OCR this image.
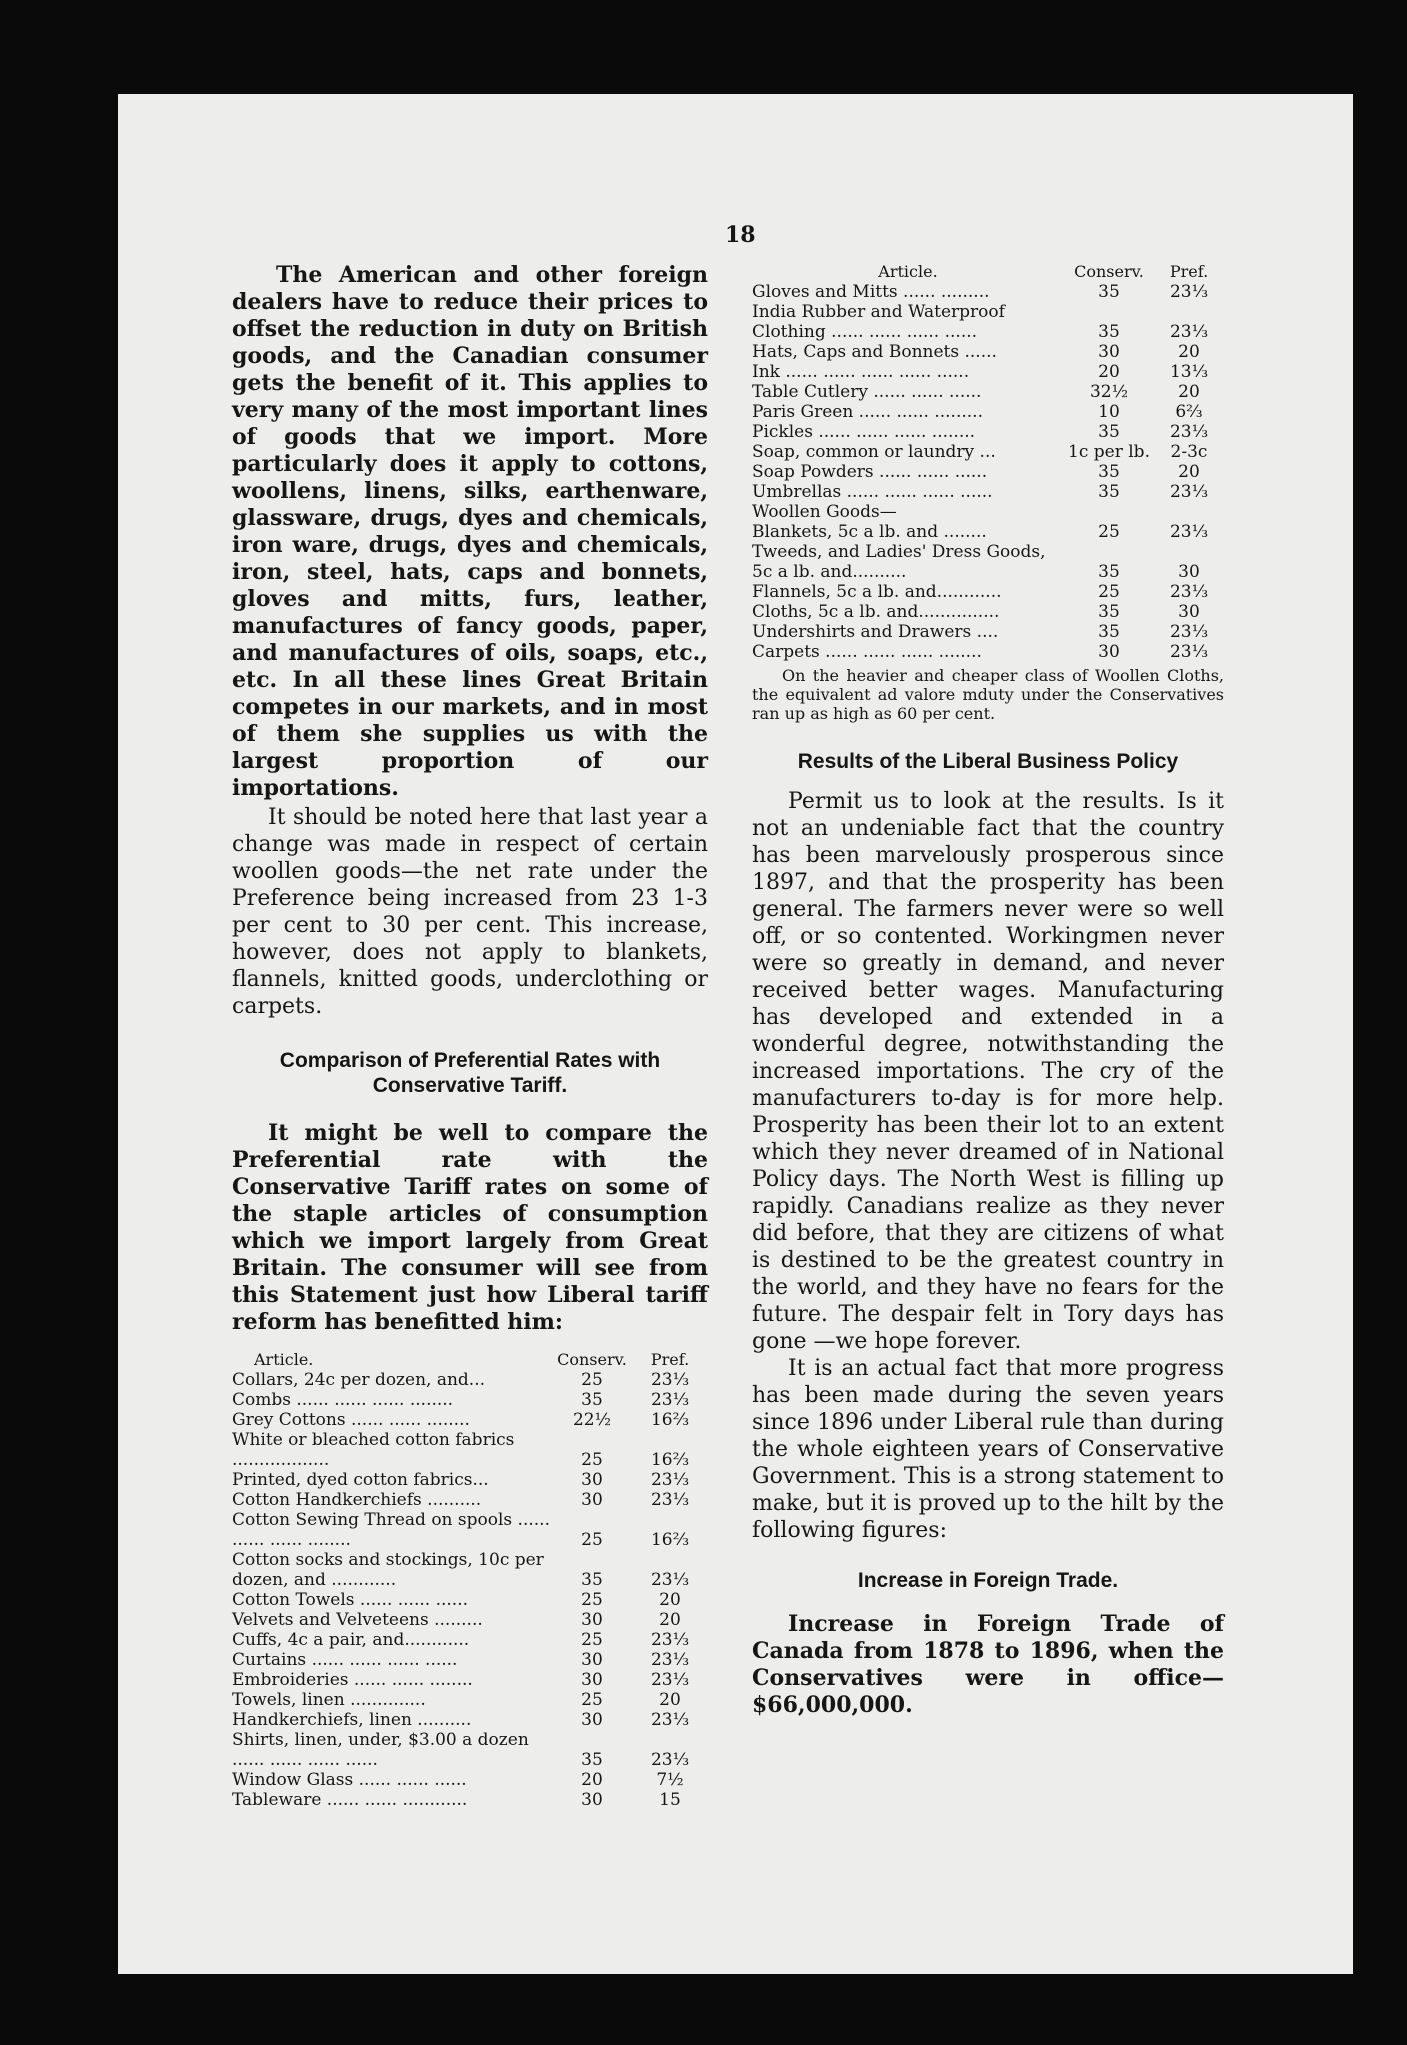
18

The American and other foreign dealers have to reduce their prices to offset the reduction in duty on British goods, and the Canadian consumer gets the benefit of it. This applies to very many of the most important lines of goods that we import. More particularly does it apply to cottons, woollens, linens, silks, earthenware, glassware, drugs, dyes and chemicals, iron ware, drugs, dyes and chemicals, iron, steel, hats, caps and bonnets, gloves and mitts, furs, leather, manufactures of fancy goods, paper, and manufactures of oils, soaps, etc., etc. In all these lines Great Britain competes in our markets, and in most of them she supplies us with the largest proportion of our importations.

It should be noted here that last year a change was made in respect of certain woollen goods—the net rate under the Preference being increased from 23 1-3 per cent to 30 per cent. This increase, however, does not apply to blankets, flannels, knitted goods, underclothing or carpets.

Comparison of Preferential Rates with Conservative Tariff.

It might be well to compare the Preferential rate with the Conservative Tariff rates on some of the staple articles of consumption which we import largely from Great Britain. The consumer will see from this Statement just how Liberal tariff reform has benefitted him:

Article.	Conserv.	Pref.
Collars, 24c per dozen, and...	25	23⅓
Combs ...... ...... ...... ........	35	23⅓
Grey Cottons ...... ...... ........	22½	16⅔
White or bleached cotton fabrics ..................	25	16⅔
Printed, dyed cotton fabrics...	30	23⅓
Cotton Handkerchiefs ..........	30	23⅓
Cotton Sewing Thread on spools ...... ...... ...... ........	25	16⅔
Cotton socks and stockings, 10c per dozen, and ............	35	23⅓
Cotton Towels ...... ...... ......	25	20
Velvets and Velveteens .........	30	20
Cuffs, 4c a pair, and............	25	23⅓
Curtains ...... ...... ...... ......	30	23⅓
Embroideries ...... ...... ........	30	23⅓
Towels, linen ..............	25	20
Handkerchiefs, linen ..........	30	23⅓
Shirts, linen, under, $3.00 a dozen ...... ...... ...... ......	35	23⅓
Window Glass ...... ...... ......	20	7½
Tableware ...... ...... ............	30	15
Article.	Conserv.	Pref.
Gloves and Mitts ...... .........	35	23⅓
India Rubber and Waterproof Clothing ...... ...... ...... ......	35	23⅓
Hats, Caps and Bonnets ......	30	20
Ink ...... ...... ...... ...... ......	20	13⅓
Table Cutlery ...... ...... ......	32½	20
Paris Green ...... ...... .........	10	6⅔
Pickles ...... ...... ...... ........	35	23⅓
Soap, common or laundry ...	1c per lb.	2-3c
Soap Powders ...... ...... ......	35	20
Umbrellas ...... ...... ...... ......	35	23⅓
Woollen Goods—		
Blankets, 5c a lb. and ........	25	23⅓
Tweeds, and Ladies' Dress Goods, 5c a lb. and..........	35	30
Flannels, 5c a lb. and............	25	23⅓
Cloths, 5c a lb. and...............	35	30
Undershirts and Drawers ....	35	23⅓
Carpets ...... ...... ...... ........	30	23⅓

On the heavier and cheaper class of Woollen Cloths, the equivalent ad valore mduty under the Conservatives ran up as high as 60 per cent.

Results of the Liberal Business Policy

Permit us to look at the results. Is it not an undeniable fact that the country has been marvelously prosperous since 1897, and that the prosperity has been general. The farmers never were so well off, or so contented. Workingmen never were so greatly in demand, and never received better wages. Manufacturing has developed and extended in a wonderful degree, notwithstanding the increased importations. The cry of the manufacturers to-day is for more help. Prosperity has been their lot to an extent which they never dreamed of in National Policy days. The North West is filling up rapidly. Canadians realize as they never did before, that they are citizens of what is destined to be the greatest country in the world, and they have no fears for the future. The despair felt in Tory days has gone —we hope forever.

It is an actual fact that more progress has been made during the seven years since 1896 under Liberal rule than during the whole eighteen years of Conservative Government. This is a strong statement to make, but it is proved up to the hilt by the following figures:

Increase in Foreign Trade.

Increase in Foreign Trade of Canada from 1878 to 1896, when the Conservatives were in office—$66,000,000.
